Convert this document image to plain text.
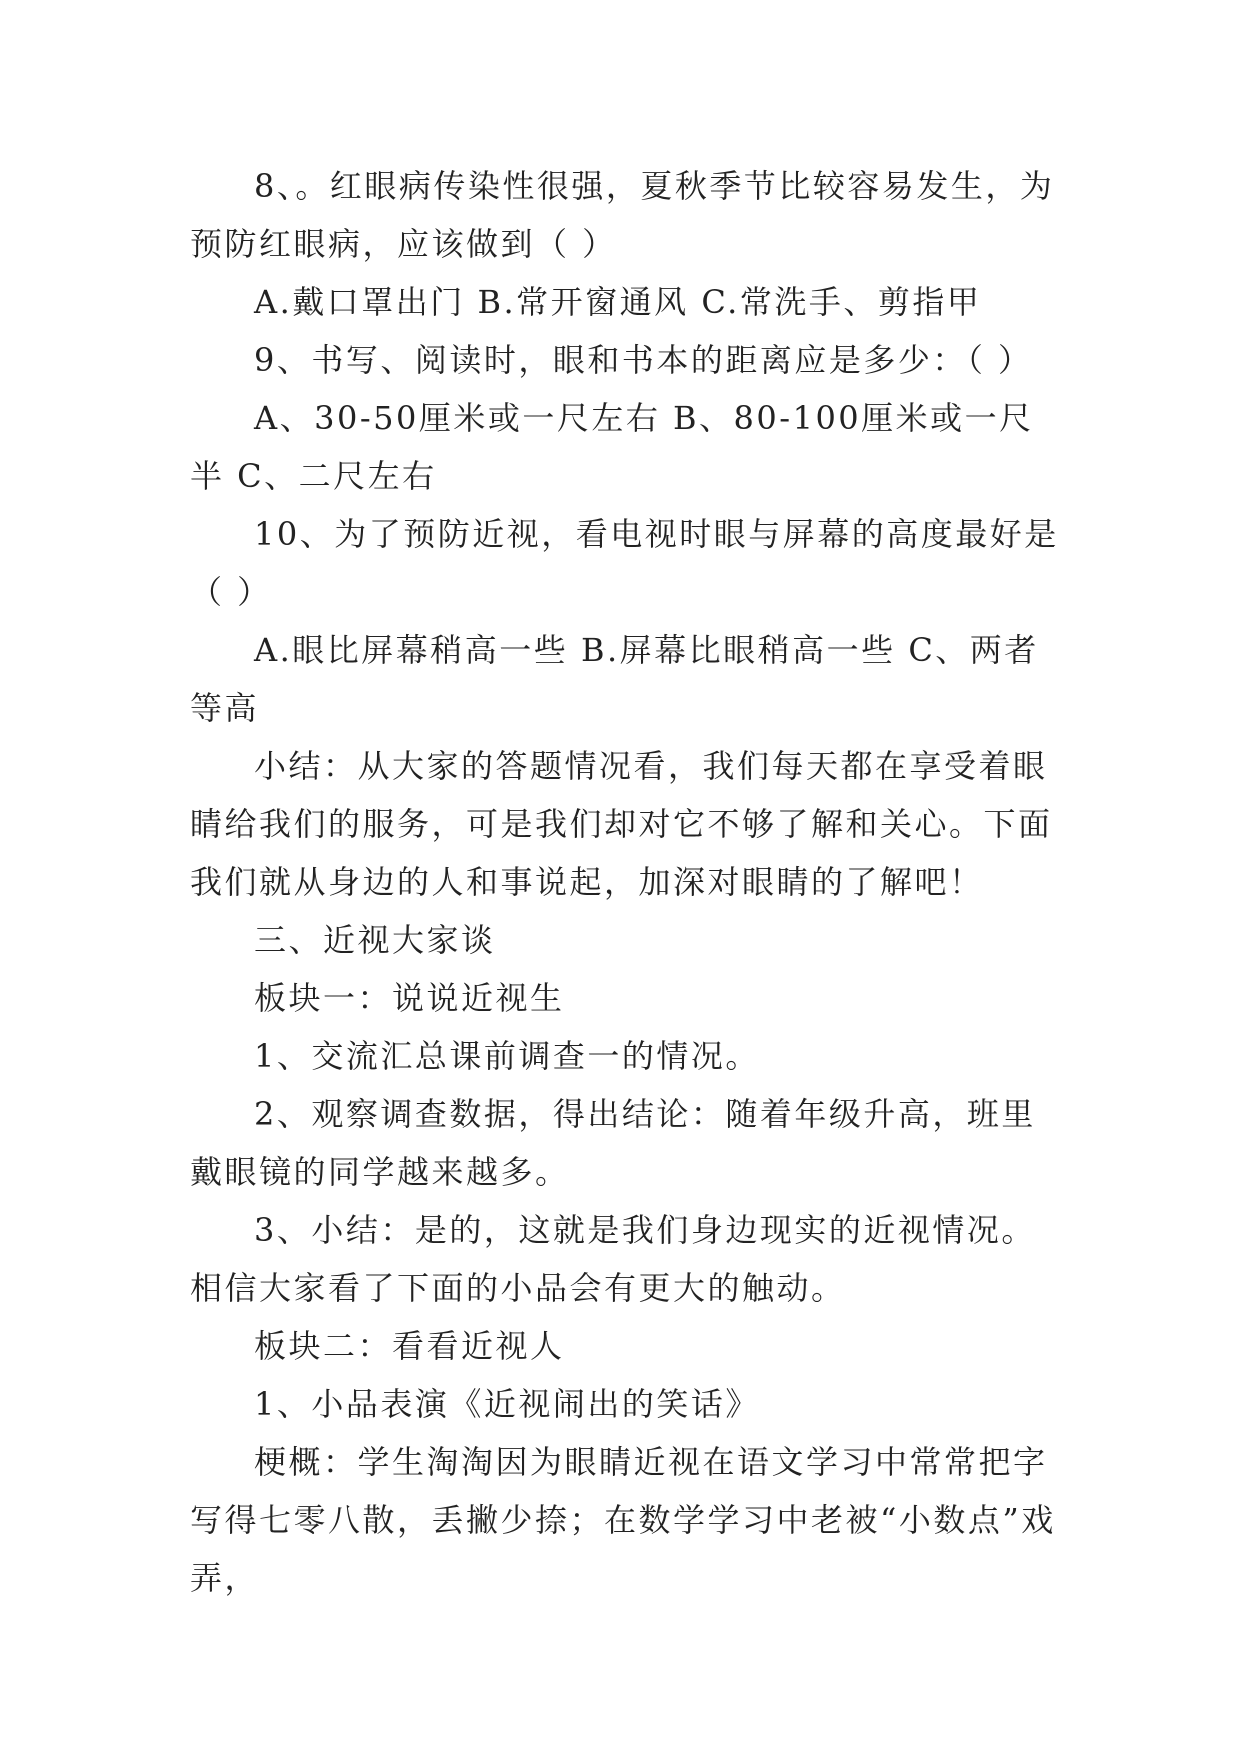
8、。红眼病传染性很强，夏秋季节比较容易发生，为预防红眼病，应该做到（ ）

A.戴口罩出门 B.常开窗通风 C.常洗手、剪指甲

9、书写、阅读时，眼和书本的距离应是多少：（ ）

A、30-50厘米或一尺左右 B、80-100厘米或一尺半 C、二尺左右

10、为了预防近视，看电视时眼与屏幕的高度最好是（ ）

A.眼比屏幕稍高一些 B.屏幕比眼稍高一些 C、两者等高

小结：从大家的答题情况看，我们每天都在享受着眼睛给我们的服务，可是我们却对它不够了解和关心。下面我们就从身边的人和事说起，加深对眼睛的了解吧！

三、近视大家谈

板块一：说说近视生

1、交流汇总课前调查一的情况。

2、观察调查数据，得出结论：随着年级升高，班里戴眼镜的同学越来越多。

3、小结：是的，这就是我们身边现实的近视情况。相信大家看了下面的小品会有更大的触动。

板块二：看看近视人

1、小品表演《近视闹出的笑话》

梗概：学生淘淘因为眼睛近视在语文学习中常常把字写得七零八散，丢撇少捺；在数学学习中老被“小数点”戏弄，
